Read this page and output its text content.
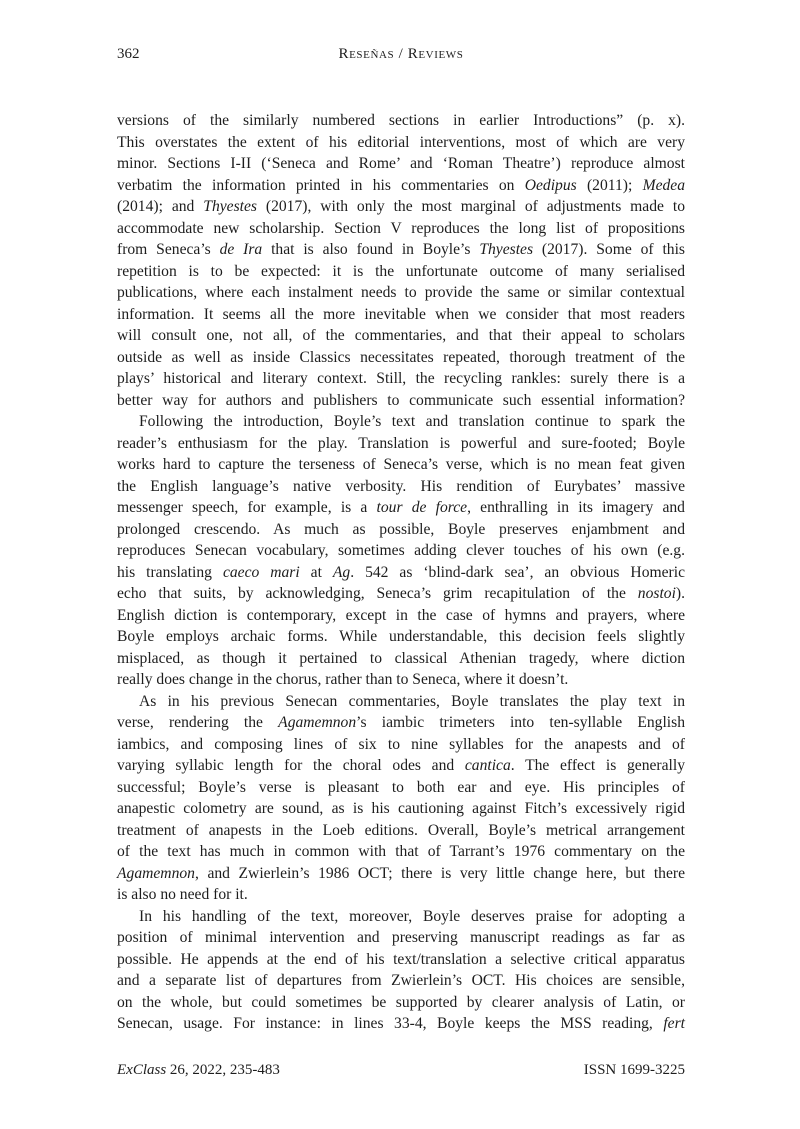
362	Reseñas / Reviews
versions of the similarly numbered sections in earlier Introductions” (p. x).
This overstates the extent of his editorial interventions, most of which are very
minor. Sections I-II (‘Seneca and Rome’ and ‘Roman Theatre’) reproduce almost
verbatim the information printed in his commentaries on Oedipus (2011); Medea
(2014); and Thyestes (2017), with only the most marginal of adjustments made to
accommodate new scholarship. Section V reproduces the long list of propositions
from Seneca’s de Ira that is also found in Boyle’s Thyestes (2017). Some of this
repetition is to be expected: it is the unfortunate outcome of many serialised
publications, where each instalment needs to provide the same or similar contextual
information. It seems all the more inevitable when we consider that most readers
will consult one, not all, of the commentaries, and that their appeal to scholars
outside as well as inside Classics necessitates repeated, thorough treatment of the
plays’ historical and literary context. Still, the recycling rankles: surely there is a
better way for authors and publishers to communicate such essential information?
Following the introduction, Boyle’s text and translation continue to spark the
reader’s enthusiasm for the play. Translation is powerful and sure-footed; Boyle
works hard to capture the terseness of Seneca’s verse, which is no mean feat given
the English language’s native verbosity. His rendition of Eurybates’ massive
messenger speech, for example, is a tour de force, enthralling in its imagery and
prolonged crescendo. As much as possible, Boyle preserves enjambment and
reproduces Senecan vocabulary, sometimes adding clever touches of his own (e.g.
his translating caeco mari at Ag. 542 as ‘blind-dark sea’, an obvious Homeric
echo that suits, by acknowledging, Seneca’s grim recapitulation of the nostoi).
English diction is contemporary, except in the case of hymns and prayers, where
Boyle employs archaic forms. While understandable, this decision feels slightly
misplaced, as though it pertained to classical Athenian tragedy, where diction
really does change in the chorus, rather than to Seneca, where it doesn’t.
As in his previous Senecan commentaries, Boyle translates the play text in
verse, rendering the Agamemnon’s iambic trimeters into ten-syllable English
iambics, and composing lines of six to nine syllables for the anapests and of
varying syllabic length for the choral odes and cantica. The effect is generally
successful; Boyle’s verse is pleasant to both ear and eye. His principles of
anapestic colometry are sound, as is his cautioning against Fitch’s excessively rigid
treatment of anapests in the Loeb editions. Overall, Boyle’s metrical arrangement
of the text has much in common with that of Tarrant’s 1976 commentary on the
Agamemnon, and Zwierlein’s 1986 OCT; there is very little change here, but there
is also no need for it.
In his handling of the text, moreover, Boyle deserves praise for adopting a
position of minimal intervention and preserving manuscript readings as far as
possible. He appends at the end of his text/translation a selective critical apparatus
and a separate list of departures from Zwierlein’s OCT. His choices are sensible,
on the whole, but could sometimes be supported by clearer analysis of Latin, or
Senecan, usage. For instance: in lines 33-4, Boyle keeps the MSS reading, fert
ExClass 26, 2022, 235-483	ISSN 1699-3225
